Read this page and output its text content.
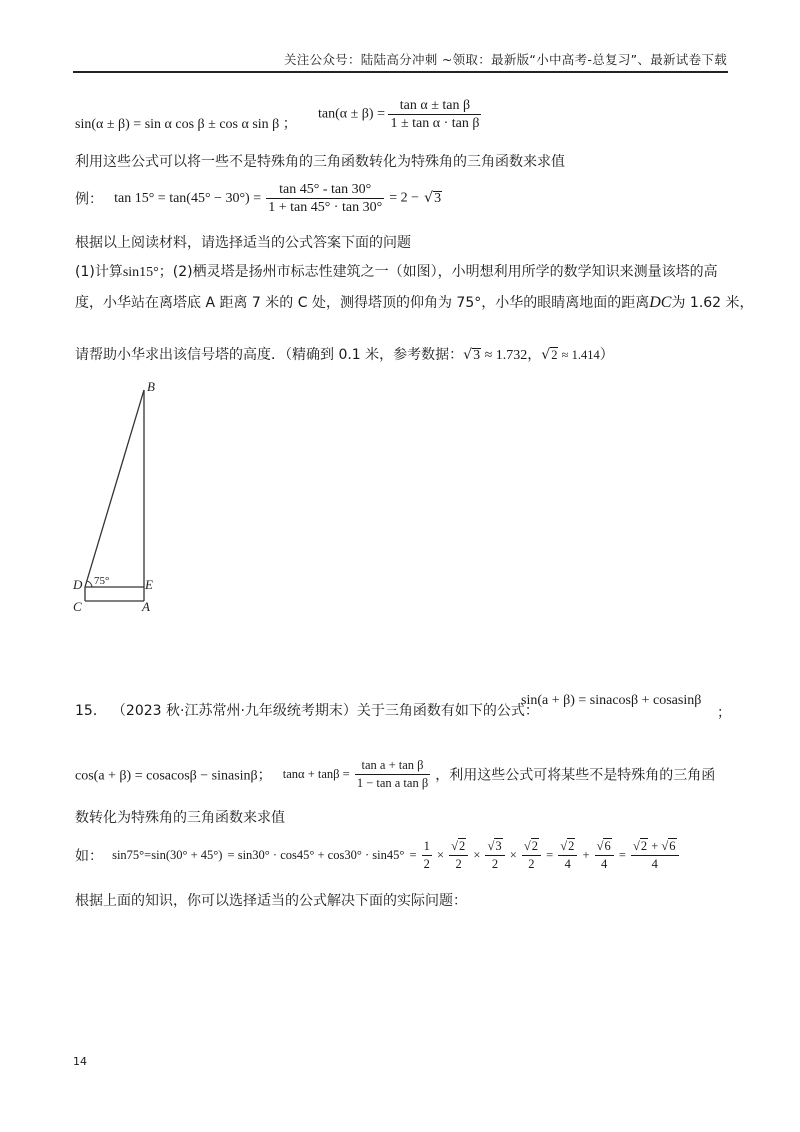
关注公众号：陆陆高分冲刺 ~领取：最新版“小中高考-总复习”、最新试卷下载
sin(α ± β) = sin α cos β ± cos α sin β ；
$\tan(\alpha \pm \beta) = \frac{\text{tan α ± tan β}}{\text{1 ± tan α · tan β}}$
利用这些公式可以将一些不是特殊角的三角函数转化为特殊角的三角函数来求值
例： $\tan 15^\circ = \tan(45^\circ - 30^\circ) = \frac{\tan 45^\circ - \tan 30^\circ}{1 + \tan 45^\circ \cdot \tan 30^\circ} = 2 - √3$
根据以上阅读材料，请选择适当的公式答案下面的问题
(1)计算sin15°；(2)栖灵塔是扬州市标志性建筑之一（如图），小明想利用所学的数学知识来测量该塔的高
度，小华站在离塔底 A 距离 7 米的 C 处，测得塔顶的仰角为 75°，小华的眼睛离地面的距离DC为 1.62 米，
请帮助小华求出该信号塔的高度．（精确到 0.1 米，参考数据：√3 ≈ 1.732，√2 ≈ 1.414）
B
D	E
C	A
75°
15． （2023 秋·江苏常州·九年级统考期末）关于三角函数有如下的公式：
sin(a + β) = sinacosβ + cosasinβ
；
cos(a + β) = cosacosβ − sinasinβ； $\tan\alpha + \tan\beta = \frac{\text{tan a + tan β}}{\text{1 − tan a tan β}}$ ，利用这些公式可将某些不是特殊角的三角函
数转化为特殊角的三角函数来求值
如： $\sin 75^\circ=\sin(30^\circ + 45^\circ) = \sin 30^\circ \cdot \cos 45^\circ + \cos 30^\circ \cdot \sin 45^\circ = \frac{1}{2} \times \frac{√2}{2} \times \frac{√3}{2} \times \frac{√2}{2} = \frac{√2}{4} + \frac{√6}{4} = \frac{√2 + √6}{4}$
根据上面的知识，你可以选择适当的公式解决下面的实际问题：
14
